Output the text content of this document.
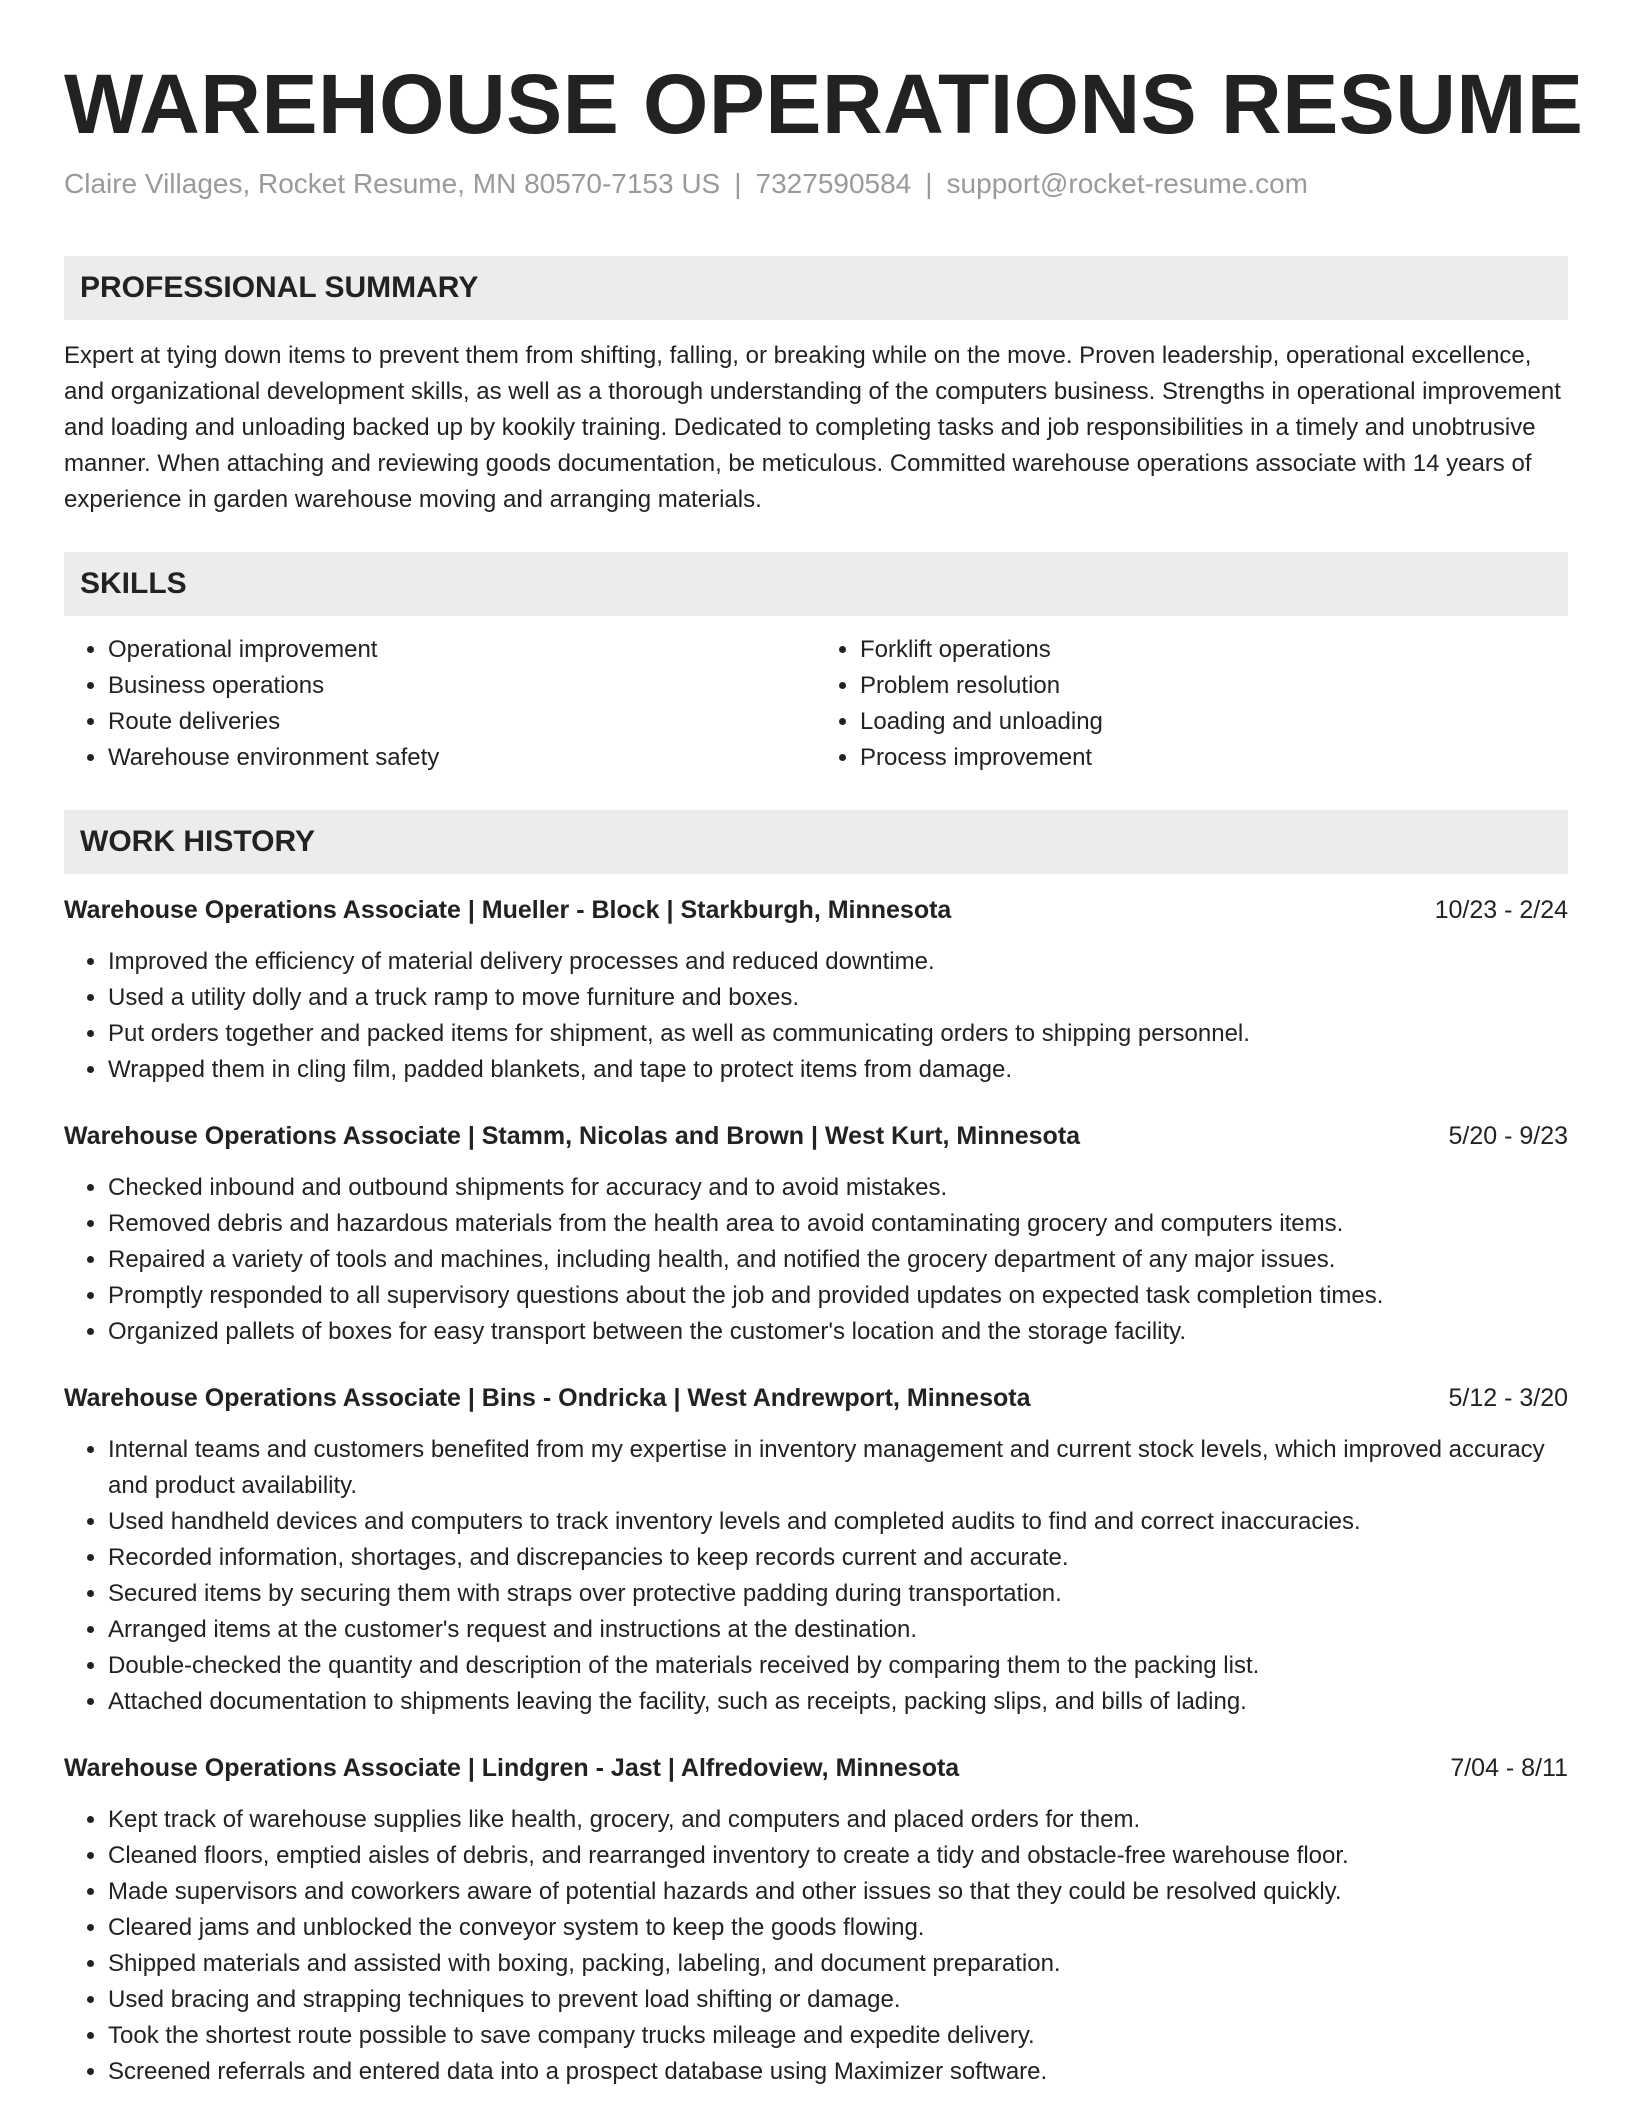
WAREHOUSE OPERATIONS RESUME
Claire Villages, Rocket Resume, MN 80570-7153 US | 7327590584 | support@rocket-resume.com
PROFESSIONAL SUMMARY

Expert at tying down items to prevent them from shifting, falling, or breaking while on the move. Proven leadership, operational excellence, and organizational development skills, as well as a thorough understanding of the computers business. Strengths in operational improvement and loading and unloading backed up by kookily training. Dedicated to completing tasks and job responsibilities in a timely and unobtrusive manner. When attaching and reviewing goods documentation, be meticulous. Committed warehouse operations associate with 14 years of experience in garden warehouse moving and arranging materials.

SKILLS
• Operational improvement
• Business operations
• Route deliveries
• Warehouse environment safety
• Forklift operations
• Problem resolution
• Loading and unloading
• Process improvement
WORK HISTORY
Warehouse Operations Associate | Mueller - Block | Starkburgh, Minnesota	10/23 - 2/24
• Improved the efficiency of material delivery processes and reduced downtime.
• Used a utility dolly and a truck ramp to move furniture and boxes.
• Put orders together and packed items for shipment, as well as communicating orders to shipping personnel.
• Wrapped them in cling film, padded blankets, and tape to protect items from damage.
Warehouse Operations Associate | Stamm, Nicolas and Brown | West Kurt, Minnesota	5/20 - 9/23
• Checked inbound and outbound shipments for accuracy and to avoid mistakes.
• Removed debris and hazardous materials from the health area to avoid contaminating grocery and computers items.
• Repaired a variety of tools and machines, including health, and notified the grocery department of any major issues.
• Promptly responded to all supervisory questions about the job and provided updates on expected task completion times.
• Organized pallets of boxes for easy transport between the customer's location and the storage facility.
Warehouse Operations Associate | Bins - Ondricka | West Andrewport, Minnesota	5/12 - 3/20
• Internal teams and customers benefited from my expertise in inventory management and current stock levels, which improved accuracy and product availability.
• Used handheld devices and computers to track inventory levels and completed audits to find and correct inaccuracies.
• Recorded information, shortages, and discrepancies to keep records current and accurate.
• Secured items by securing them with straps over protective padding during transportation.
• Arranged items at the customer's request and instructions at the destination.
• Double-checked the quantity and description of the materials received by comparing them to the packing list.
• Attached documentation to shipments leaving the facility, such as receipts, packing slips, and bills of lading.
Warehouse Operations Associate | Lindgren - Jast | Alfredoview, Minnesota	7/04 - 8/11
• Kept track of warehouse supplies like health, grocery, and computers and placed orders for them.
• Cleaned floors, emptied aisles of debris, and rearranged inventory to create a tidy and obstacle-free warehouse floor.
• Made supervisors and coworkers aware of potential hazards and other issues so that they could be resolved quickly.
• Cleared jams and unblocked the conveyor system to keep the goods flowing.
• Shipped materials and assisted with boxing, packing, labeling, and document preparation.
• Used bracing and strapping techniques to prevent load shifting or damage.
• Took the shortest route possible to save company trucks mileage and expedite delivery.
• Screened referrals and entered data into a prospect database using Maximizer software.
